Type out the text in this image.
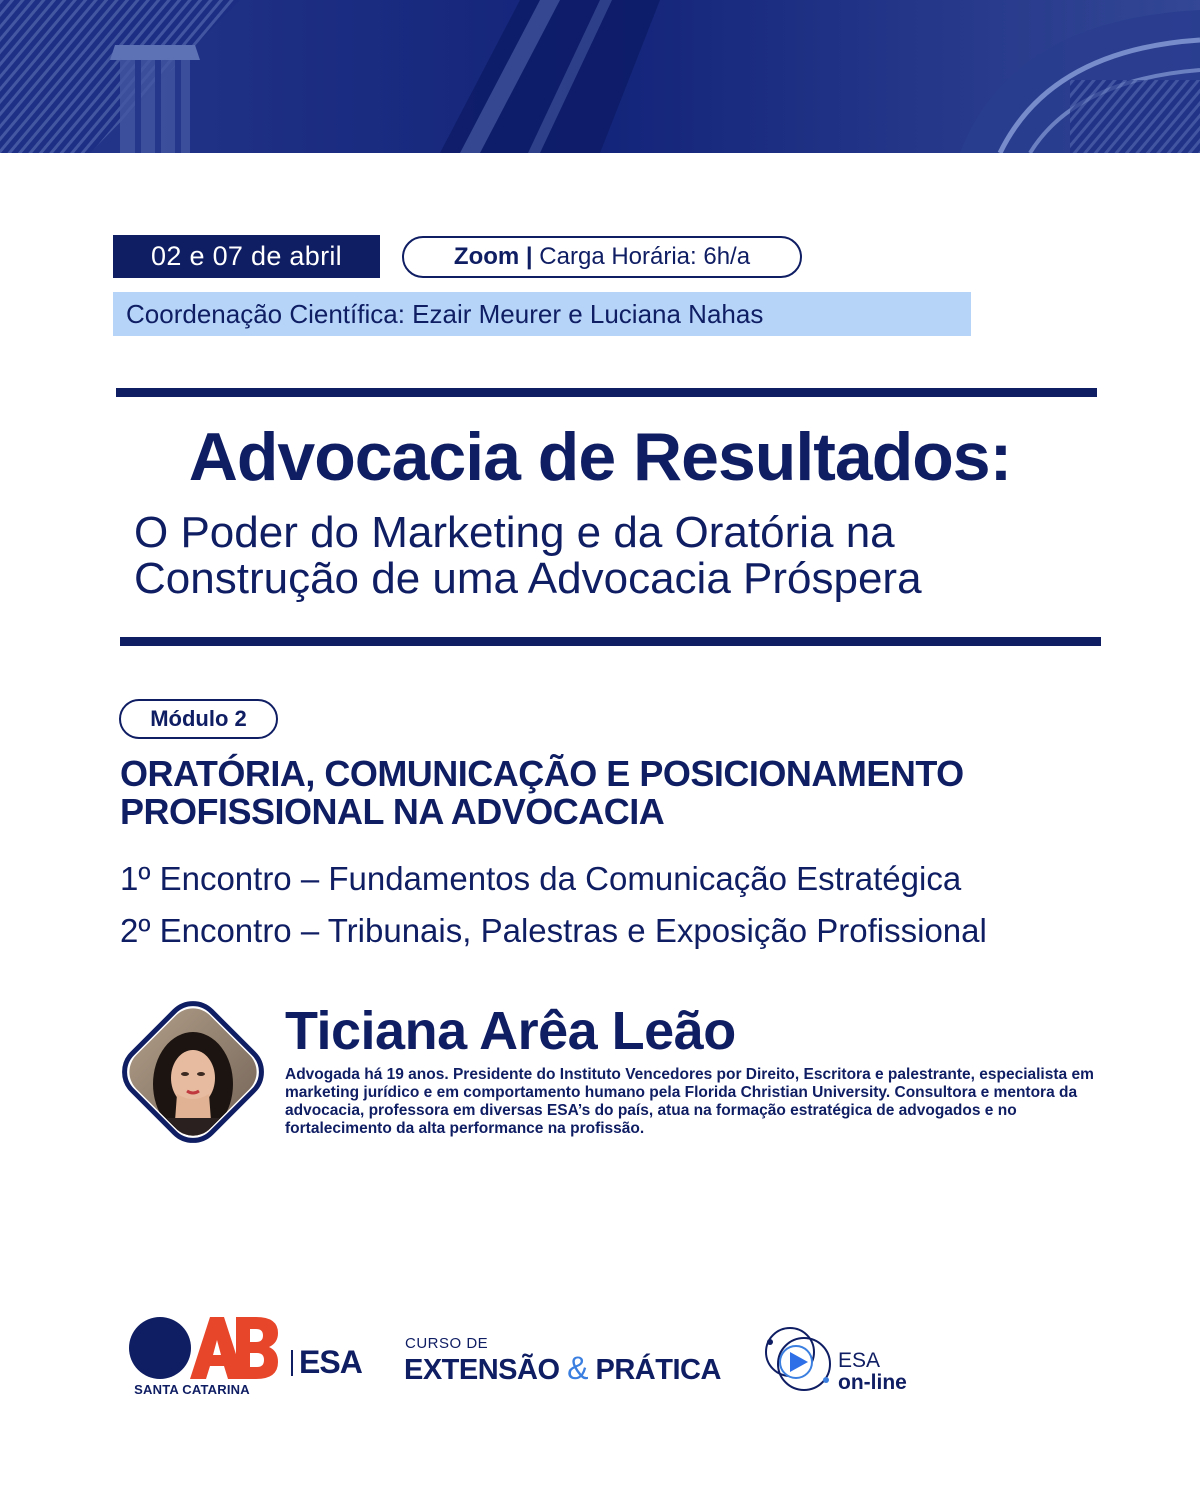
02 e 07 de abril	Zoom | Carga Horária: 6h/a
Coordenação Científica: Ezair Meurer e Luciana Nahas
Advocacia de Resultados:
O Poder do Marketing e da Oratória na
Construção de uma Advocacia Próspera
Módulo 2
ORATÓRIA, COMUNICAÇÃO E POSICIONAMENTO
PROFISSIONAL NA ADVOCACIA

1º Encontro – Fundamentos da Comunicação Estratégica

2º Encontro – Tribunais, Palestras e Exposição Profissional

Ticiana Arêa Leão

Advogada há 19 anos. Presidente do Instituto Vencedores por Direito, Escritora e palestrante, especialista em marketing jurídico e em comportamento humano pela Florida Christian University. Consultora e mentora da advocacia, professora em diversas ESA’s do país, atua na formação estratégica de advogados e no fortalecimento da alta performance na profissão.

SANTA CATARINA
ESA
CURSO DE
EXTENSÃO & PRÁTICA	ESA
on-line
